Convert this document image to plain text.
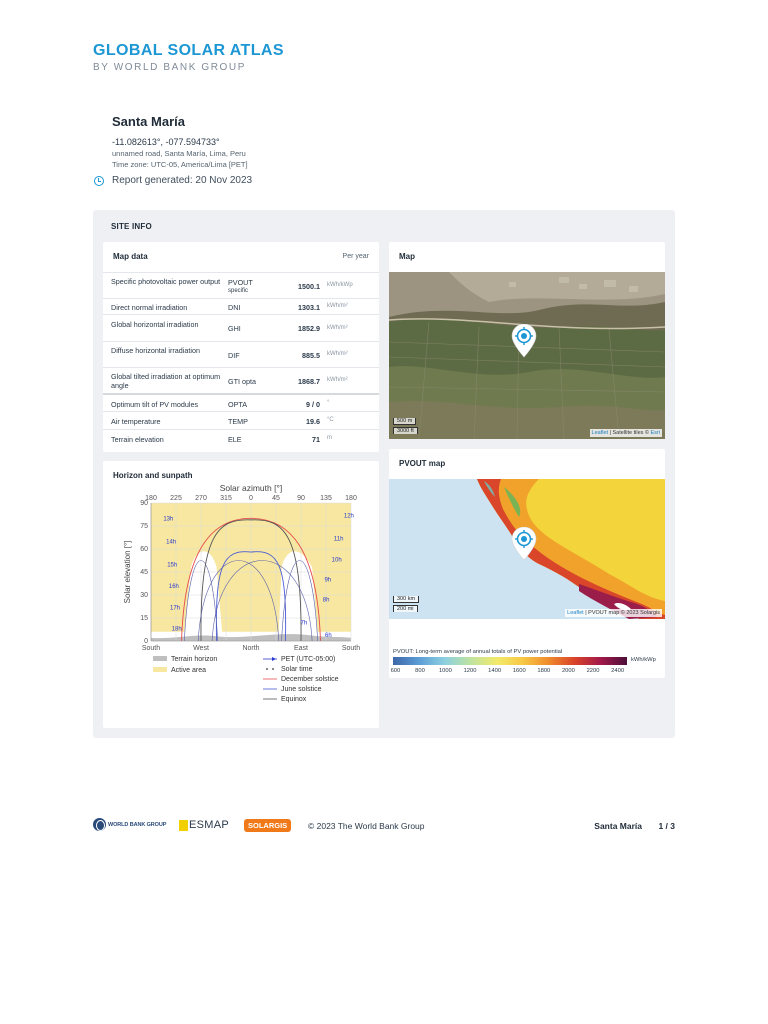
GLOBAL SOLAR ATLAS
BY WORLD BANK GROUP
Santa María
-11.082613°, -077.594733°
unnamed road, Santa María, Lima, Peru
Time zone: UTC-05, America/Lima [PET]
Report generated: 20 Nov 2023
SITE INFO
Map data	Per year
Specific photovoltaic power output	PVOUT	1500.1 kWh/kWp
specific
Direct normal irradiation	DNI	1303.1 kWh/m²
Global horizontal irradiation	GHI	1852.9 kWh/m²
Diffuse horizontal irradiation	DIF	885.5 kWh/m²
Global tilted irradiation at optimum angle	GTI opta	1868.7 kWh/m²
Optimum tilt of PV modules	OPTA	9 / 0 °
Air temperature	TEMP	19.6 °C
Terrain elevation	ELE	71 m
Horizon and sunpath
13h
14h
15h
16h
17h
18h
12h
11h
10h
9h
8h
7h
6h
Solar azimuth [°]
180 225 270 315 0	45 90 135 180
South	West	North	East	South
0
15
30
45
60
75
90
Solar elevation [°]
Terrain horizon
Active area
PET (UTC-05:00)
Solar time
December solstice
June solstice
Equinox
Map
500 m
3000 ft	Leaflet | Satellite tiles © Esri
PVOUT map
300 km
200 mi
Leaflet | PVOUT map © 2023 Solargis
PVOUT: Long-term average of annual totals of PV power potential
kWh/kWp
600	800 1000 1200 1400 1600 1800 2000 2200 2400
WORLD BANK GROUP ESMAP	SOLARGIS	© 2023 The World Bank Group	Santa María 1 / 3
